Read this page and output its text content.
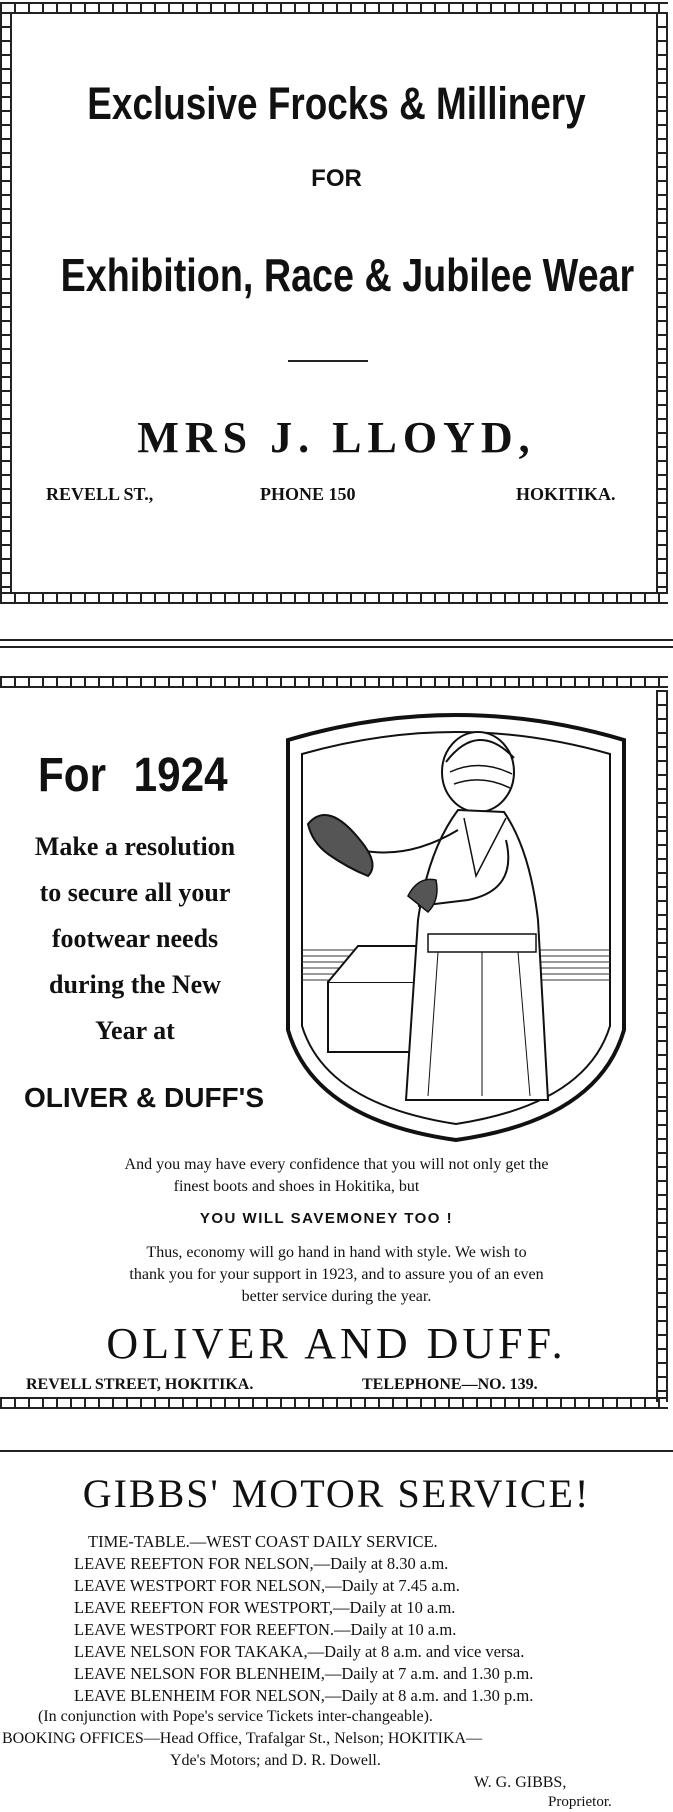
Exclusive Frocks & Millinery
FOR
Exhibition, Race & Jubilee Wear
MRS J. LLOYD,
REVELL ST.,	PHONE 150	HOKITIKA.
For 1924
Make a resolution
to secure all your
footwear needs
during the New
Year at
OLIVER & DUFF'S
And you may have every confidence that you will not only get the
finest boots and shoes in Hokitika, but
YOU WILL SAVEMONEY TOO !
Thus, economy will go hand in hand with style. We wish to
thank you for your support in 1923, and to assure you of an even
better service during the year.
OLIVER AND DUFF.
REVELL STREET, HOKITIKA.	TELEPHONE—NO. 139.
GIBBS' MOTOR SERVICE!
TIME-TABLE.—WEST COAST DAILY SERVICE.
LEAVE REEFTON FOR NELSON,—Daily at 8.30 a.m.
LEAVE WESTPORT FOR NELSON,—Daily at 7.45 a.m.
LEAVE REEFTON FOR WESTPORT,—Daily at 10 a.m.
LEAVE WESTPORT FOR REEFTON.—Daily at 10 a.m.
LEAVE NELSON FOR TAKAKA,—Daily at 8 a.m. and vice versa.
LEAVE NELSON FOR BLENHEIM,—Daily at 7 a.m. and 1.30 p.m.
LEAVE BLENHEIM FOR NELSON,—Daily at 8 a.m. and 1.30 p.m.
(In conjunction with Pope's service Tickets inter-changeable).
BOOKING OFFICES—Head Office, Trafalgar St., Nelson; HOKITIKA—
Yde's Motors; and D. R. Dowell.
W. G. GIBBS,
Proprietor.
